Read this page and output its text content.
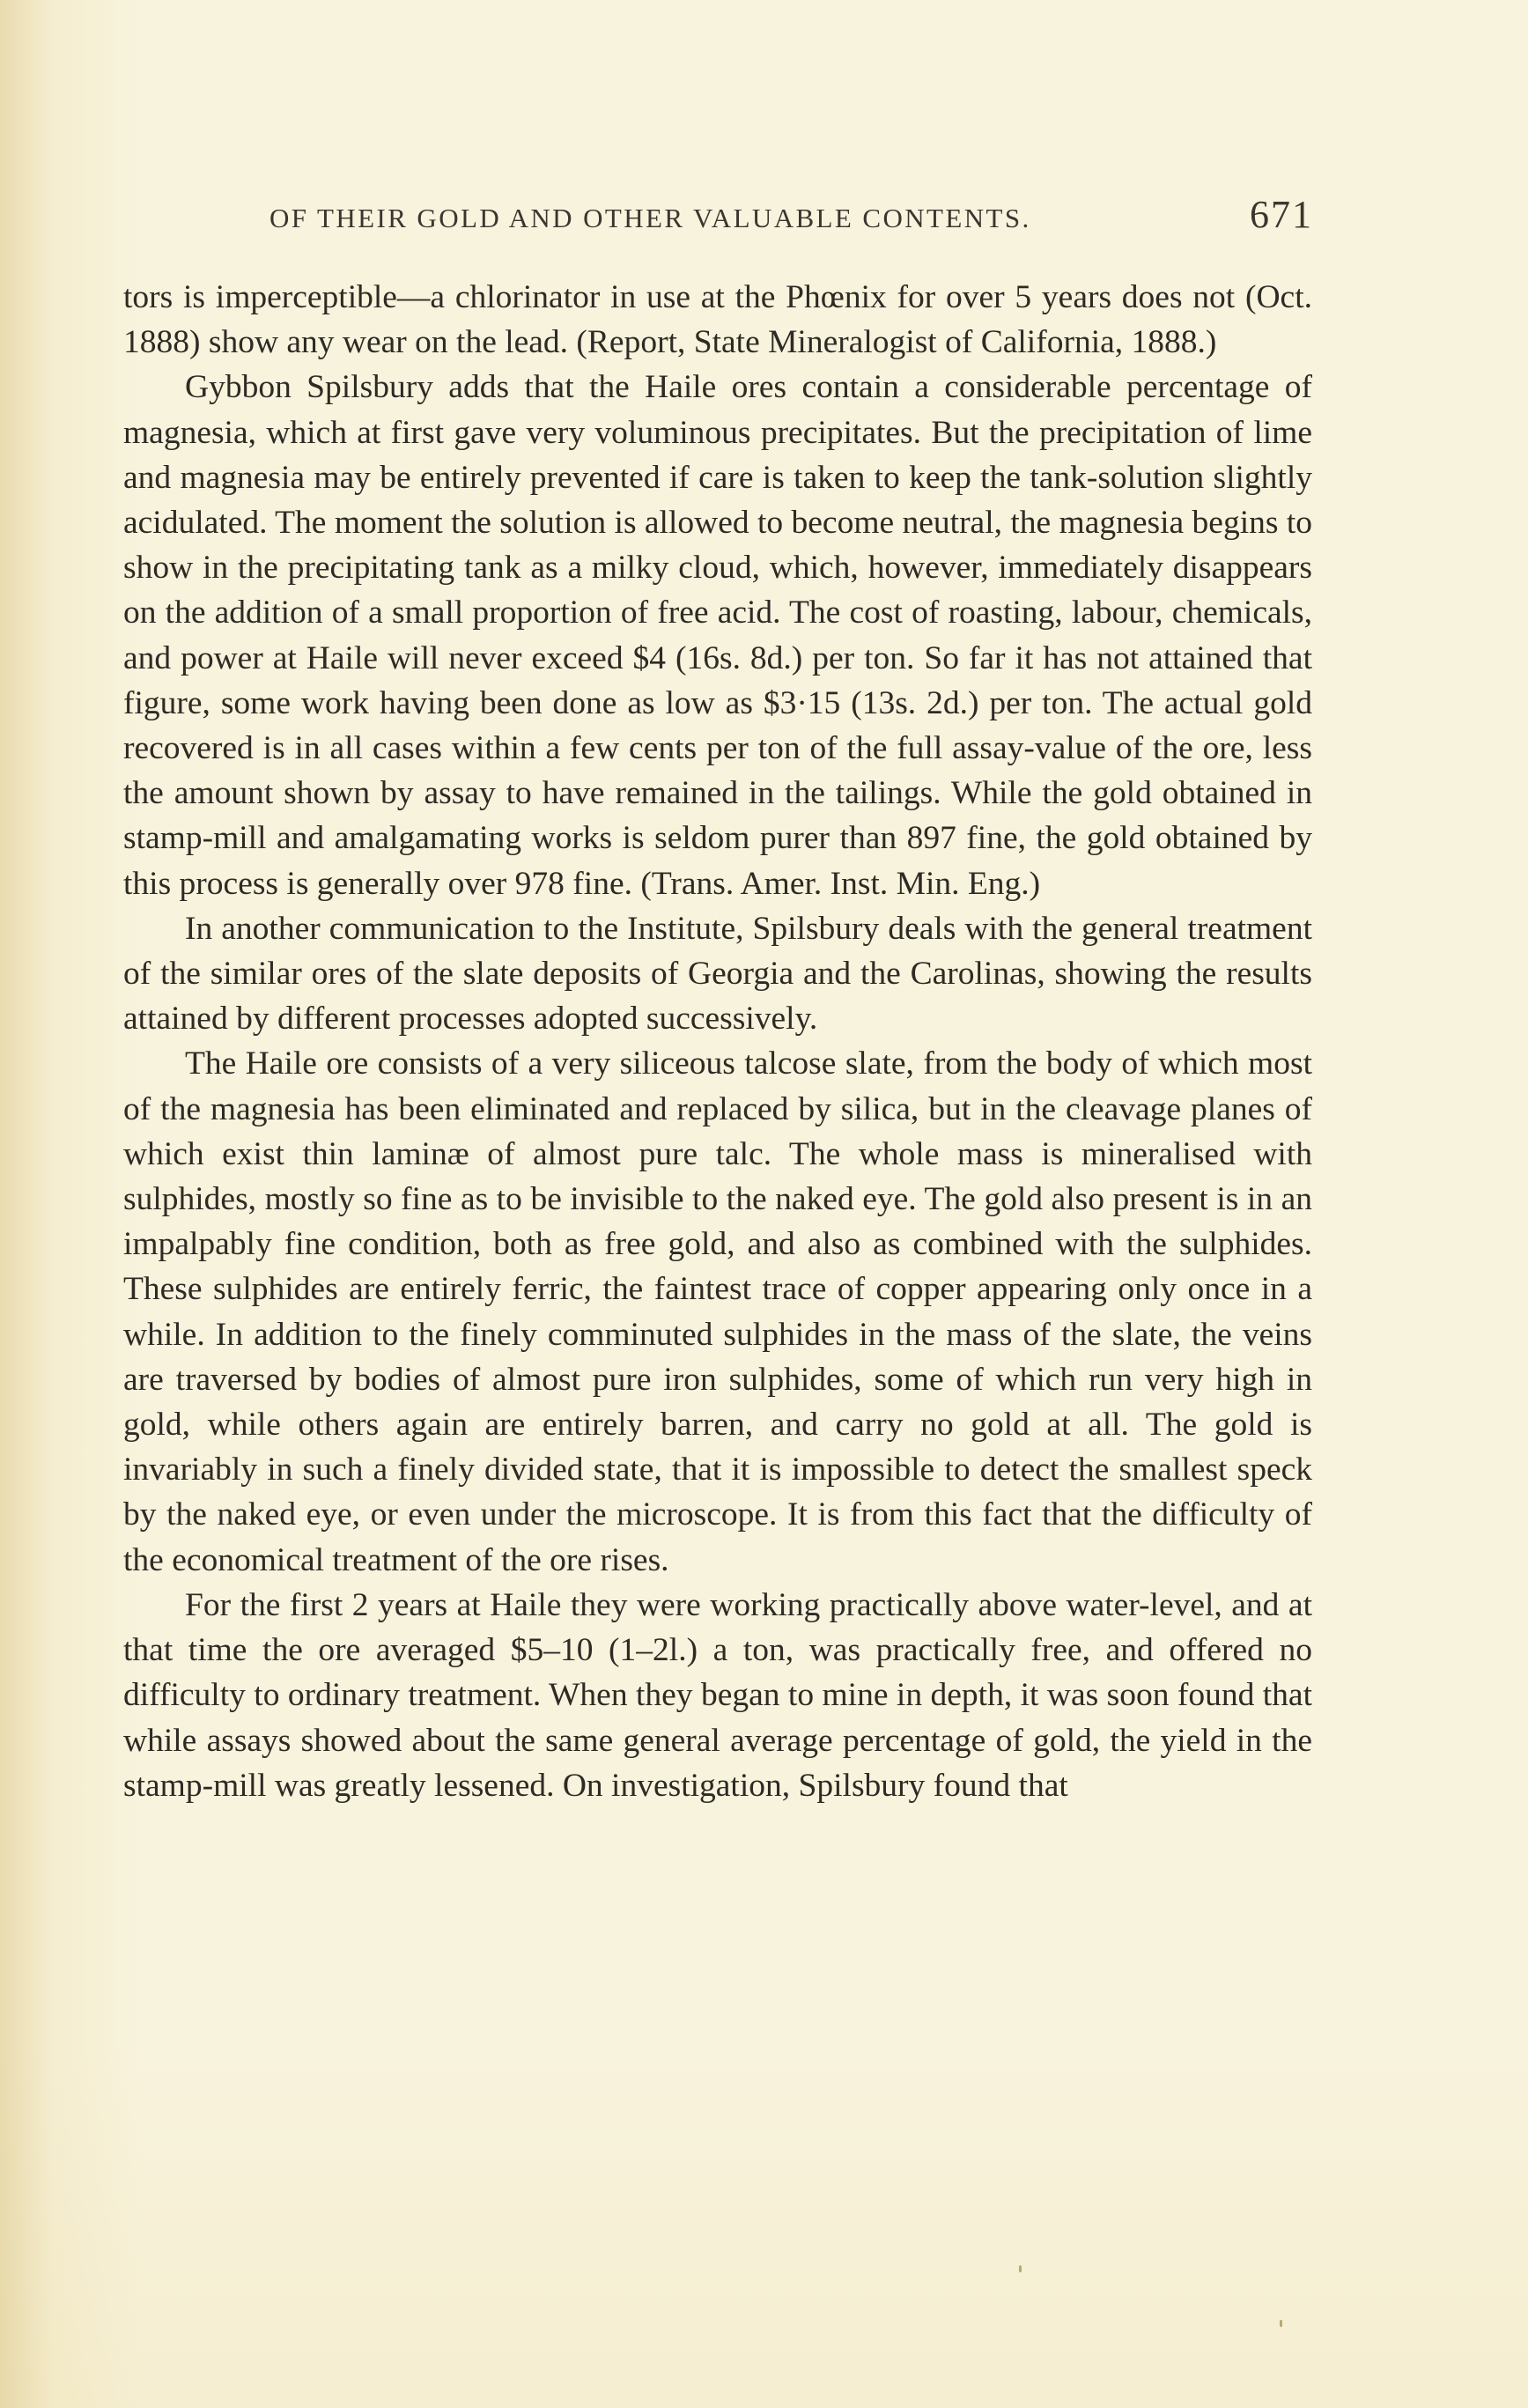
OF THEIR GOLD AND OTHER VALUABLE CONTENTS.	671

tors is imperceptible—a chlorinator in use at the Phœnix for over 5 years does not (Oct. 1888) show any wear on the lead. (Report, State Mineralogist of California, 1888.)

Gybbon Spilsbury adds that the Haile ores contain a considerable percentage of magnesia, which at first gave very voluminous precipitates. But the precipitation of lime and magnesia may be entirely prevented if care is taken to keep the tank-solution slightly acidulated. The moment the solution is allowed to become neutral, the magnesia begins to show in the precipitating tank as a milky cloud, which, however, immediately disappears on the addition of a small proportion of free acid. The cost of roasting, labour, chemicals, and power at Haile will never exceed $4 (16s. 8d.) per ton. So far it has not attained that figure, some work having been done as low as $3·15 (13s. 2d.) per ton. The actual gold recovered is in all cases within a few cents per ton of the full assay-value of the ore, less the amount shown by assay to have remained in the tailings. While the gold obtained in stamp-mill and amalgamating works is seldom purer than 897 fine, the gold obtained by this process is generally over 978 fine. (Trans. Amer. Inst. Min. Eng.)

In another communication to the Institute, Spilsbury deals with the general treatment of the similar ores of the slate deposits of Georgia and the Carolinas, showing the results attained by different processes adopted successively.

The Haile ore consists of a very siliceous talcose slate, from the body of which most of the magnesia has been eliminated and replaced by silica, but in the cleavage planes of which exist thin laminæ of almost pure talc. The whole mass is mineralised with sulphides, mostly so fine as to be invisible to the naked eye. The gold also present is in an impalpably fine condition, both as free gold, and also as combined with the sulphides. These sulphides are entirely ferric, the faintest trace of copper appearing only once in a while. In addition to the finely comminuted sulphides in the mass of the slate, the veins are traversed by bodies of almost pure iron sulphides, some of which run very high in gold, while others again are entirely barren, and carry no gold at all. The gold is invariably in such a finely divided state, that it is impossible to detect the smallest speck by the naked eye, or even under the microscope. It is from this fact that the difficulty of the economical treatment of the ore rises.

For the first 2 years at Haile they were working practically above water-level, and at that time the ore averaged $5–10 (1–2l.) a ton, was practically free, and offered no difficulty to ordinary treatment. When they began to mine in depth, it was soon found that while assays showed about the same general average percentage of gold, the yield in the stamp-mill was greatly lessened. On investigation, Spilsbury found that
